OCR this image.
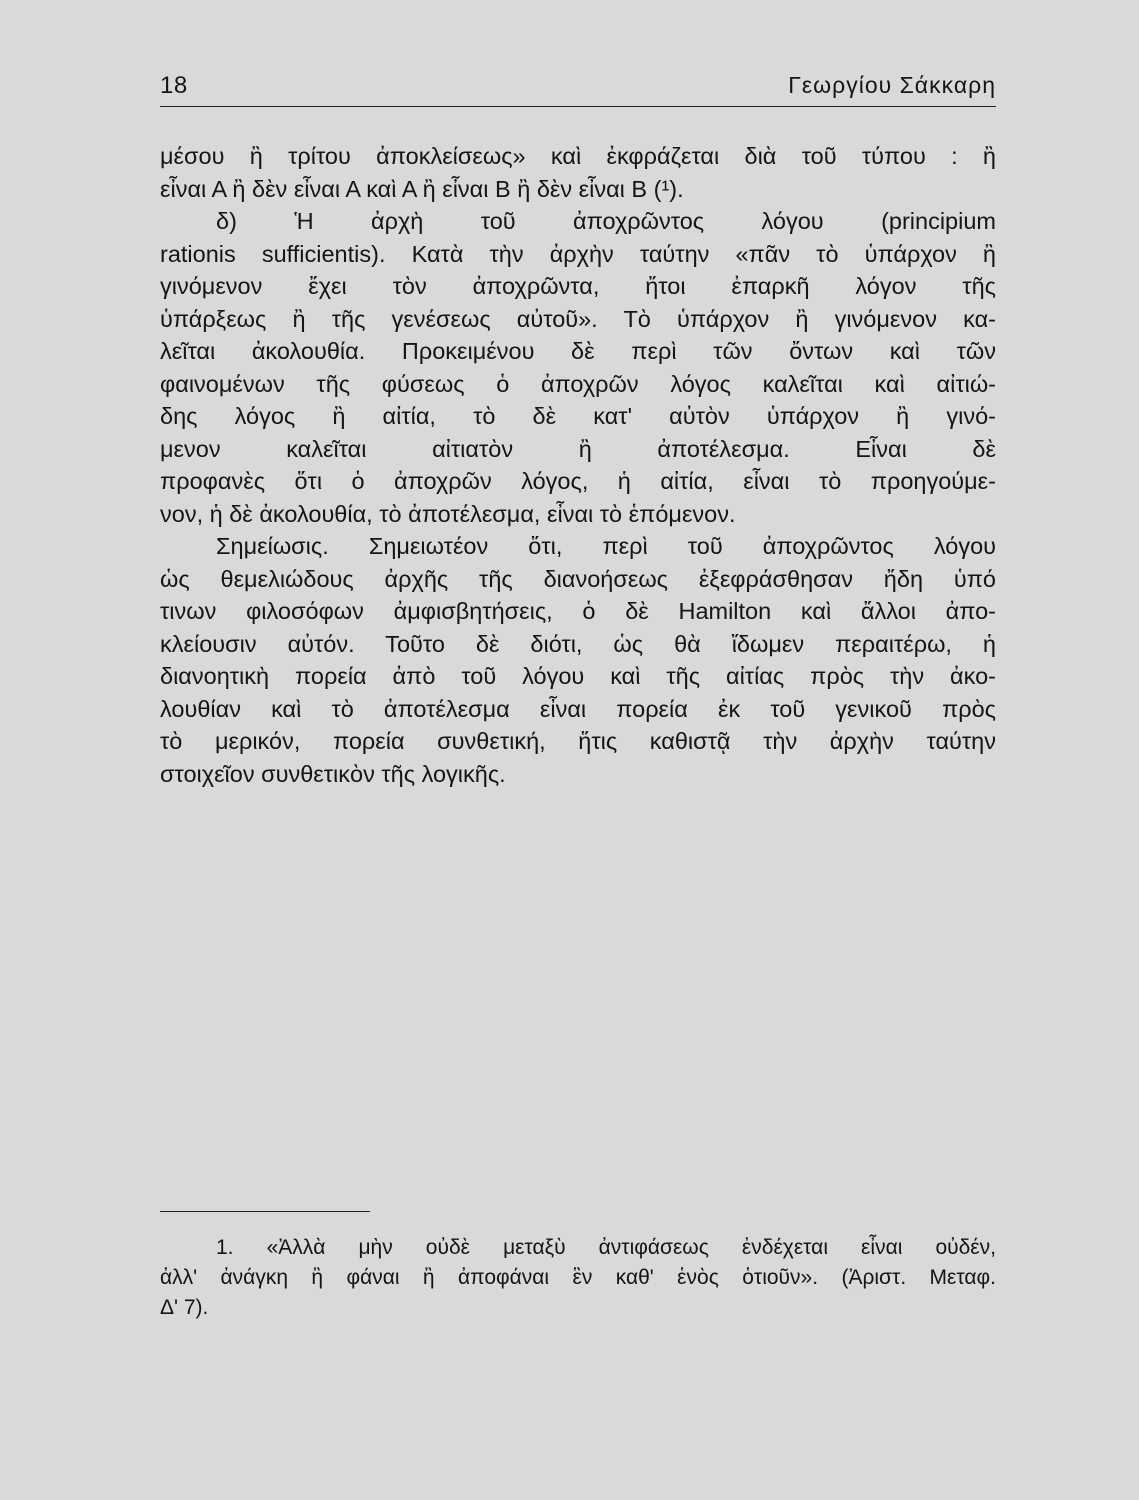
18	Γεωργίου Σάκκαρη
μέσου ἢ τρίτου ἀποκλείσεως» καὶ ἐκφράζεται διὰ τοῦ τύπου : ἢ
εἶναι Α ἢ δὲν εἶναι Α καὶ Α ἢ εἶναι Β ἢ δὲν εἶναι Β (¹).
δ) Ἡ ἀρχὴ τοῦ ἀποχρῶντος λόγου (principium
rationis sufficientis). Κατὰ τὴν ἀρχὴν ταύτην «πᾶν τὸ ὑπάρχον ἢ
γινόμενον ἔχει τὸν ἀποχρῶντα, ἤτοι ἐπαρκῆ λόγον τῆς
ὑπάρξεως ἢ τῆς γενέσεως αὐτοῦ». Τὸ ὑπάρχον ἢ γινόμενον κα-
λεῖται ἀκολουθία. Προκειμένου δὲ περὶ τῶν ὄντων καὶ τῶν
φαινομένων τῆς φύσεως ὁ ἀποχρῶν λόγος καλεῖται καὶ αἰτιώ-
δης λόγος ἢ αἰτία, τὸ δὲ κατ' αὐτὸν ὑπάρχον ἢ γινό-
μενον καλεῖται αἰτιατὸν ἢ ἀποτέλεσμα. Εἶναι δὲ
προφανὲς ὅτι ὁ ἀποχρῶν λόγος, ἡ αἰτία, εἶναι τὸ προηγούμε-
νον, ἡ δὲ ἀκολουθία, τὸ ἀποτέλεσμα, εἶναι τὸ ἑπόμενον.
Σημείωσις. Σημειωτέον ὅτι, περὶ τοῦ ἀποχρῶντος λόγου
ὡς θεμελιώδους ἀρχῆς τῆς διανοήσεως ἐξεφράσθησαν ἤδη ὑπό
τινων φιλοσόφων ἀμφισβητήσεις, ὁ δὲ Hamilton καὶ ἄλλοι ἀπο-
κλείουσιν αὐτόν. Τοῦτο δὲ διότι, ὡς θὰ ἴδωμεν περαιτέρω, ἡ
διανοητικὴ πορεία ἀπὸ τοῦ λόγου καὶ τῆς αἰτίας πρὸς τὴν ἀκο-
λουθίαν καὶ τὸ ἀποτέλεσμα εἶναι πορεία ἐκ τοῦ γενικοῦ πρὸς
τὸ μερικόν, πορεία συνθετική, ἥτις καθιστᾷ τὴν ἀρχὴν ταύτην
στοιχεῖον συνθετικὸν τῆς λογικῆς.
1. «Ἀλλὰ μὴν οὐδὲ μεταξὺ ἀντιφάσεως ἐνδέχεται εἶναι οὐδέν,
ἀλλ' ἀνάγκη ἢ φάναι ἢ ἀποφάναι ἓν καθ' ἑνὸς ὁτιοῦν». (Ἀριστ. Μεταφ.
Δ' 7).
